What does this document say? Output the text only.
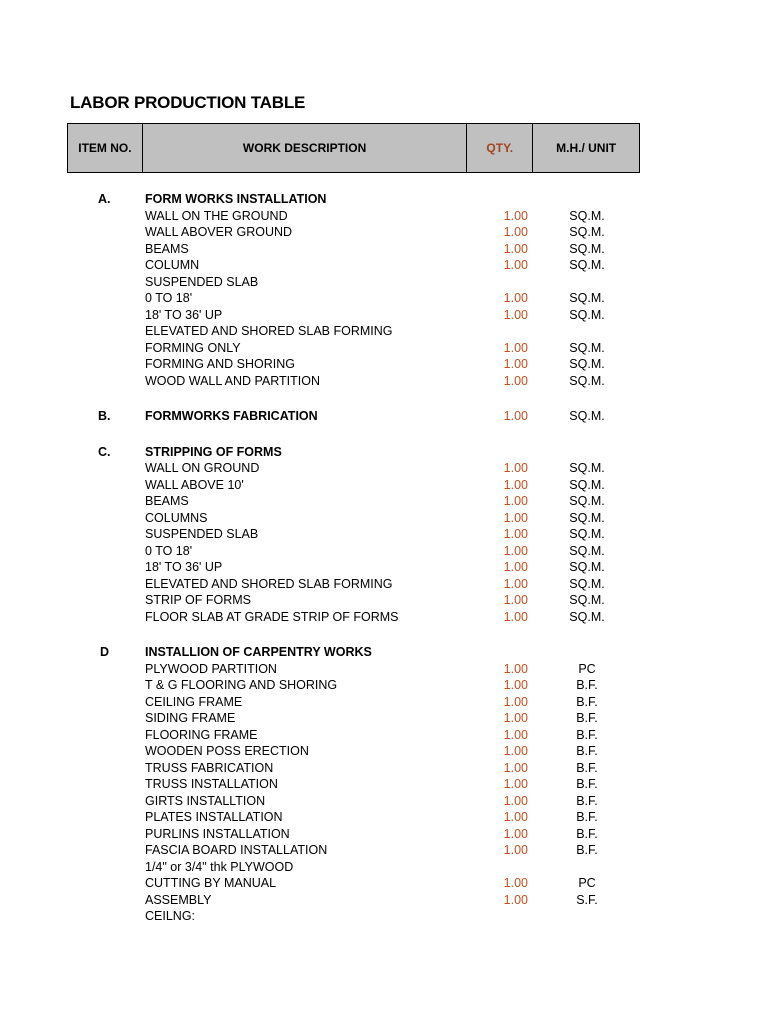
LABOR PRODUCTION TABLE
ITEM NO.	WORK DESCRIPTION	QTY.	M.H./ UNIT
A.	FORM WORKS INSTALLATION
WALL ON THE GROUND	1.00	SQ.M.
WALL ABOVER GROUND	1.00	SQ.M.
BEAMS	1.00	SQ.M.
COLUMN	1.00	SQ.M.
SUSPENDED SLAB
0 TO 18'	1.00	SQ.M.
18' TO 36' UP	1.00	SQ.M.
ELEVATED AND SHORED SLAB FORMING
FORMING ONLY	1.00	SQ.M.
FORMING AND SHORING	1.00	SQ.M.
WOOD WALL AND PARTITION	1.00	SQ.M.
B.	FORMWORKS FABRICATION	1.00	SQ.M.
C.	STRIPPING OF FORMS
WALL ON GROUND	1.00	SQ.M.
WALL ABOVE 10'	1.00	SQ.M.
BEAMS	1.00	SQ.M.
COLUMNS	1.00	SQ.M.
SUSPENDED SLAB	1.00	SQ.M.
0 TO 18'	1.00	SQ.M.
18' TO 36' UP	1.00	SQ.M.
ELEVATED AND SHORED SLAB FORMING	1.00	SQ.M.
STRIP OF FORMS	1.00	SQ.M.
FLOOR SLAB AT GRADE STRIP OF FORMS	1.00	SQ.M.
D	INSTALLION OF CARPENTRY WORKS
PLYWOOD PARTITION	1.00	PC
T & G FLOORING AND SHORING	1.00	B.F.
CEILING FRAME	1.00	B.F.
SIDING FRAME	1.00	B.F.
FLOORING FRAME	1.00	B.F.
WOODEN POSS ERECTION	1.00	B.F.
TRUSS FABRICATION	1.00	B.F.
TRUSS INSTALLATION	1.00	B.F.
GIRTS INSTALLTION	1.00	B.F.
PLATES INSTALLATION	1.00	B.F.
PURLINS INSTALLATION	1.00	B.F.
FASCIA BOARD INSTALLATION	1.00	B.F.
1/4" or 3/4" thk PLYWOOD
CUTTING BY MANUAL	1.00	PC
ASSEMBLY	1.00	S.F.
CEILNG:
